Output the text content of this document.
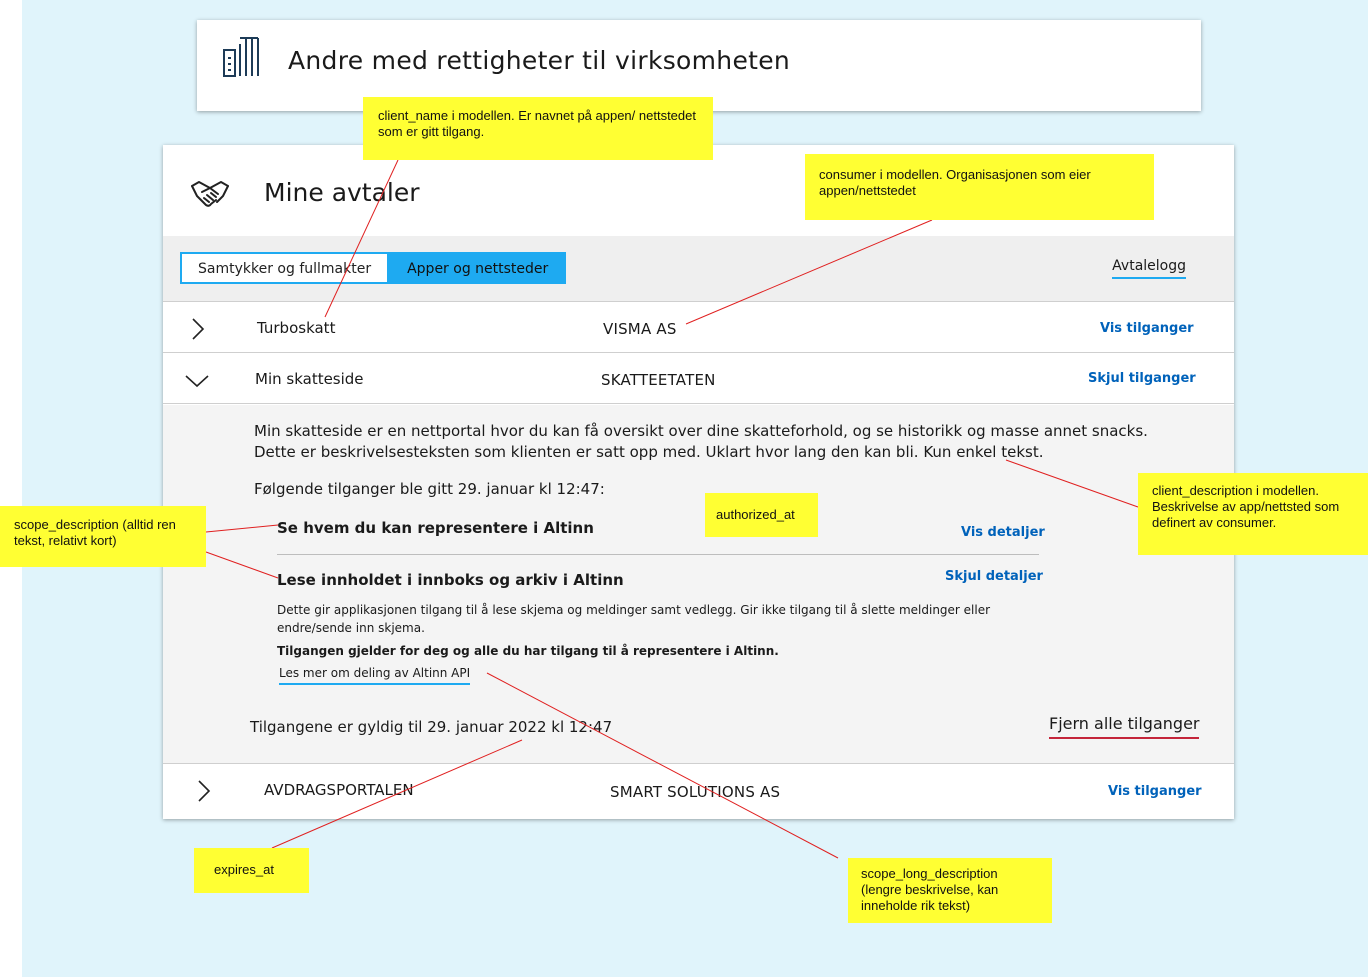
Andre med rettigheter til virksomheten
Mine avtaler
Samtykker og fullmakter	Apper og nettsteder	Avtalelogg
Turboskatt	VISMA AS	Vis tilganger
Min skatteside	SKATTEETATEN	Skjul tilganger
Min skatteside er en nettportal hvor du kan få oversikt over dine skatteforhold, og se historikk og masse annet snacks.
Dette er beskrivelsesteksten som klienten er satt opp med. Uklart hvor lang den kan bli. Kun enkel tekst.
Følgende tilganger ble gitt 29. januar kl 12:47:
Se hvem du kan representere i Altinn	Vis detaljer
Lese innholdet i innboks og arkiv i Altinn	Skjul detaljer
Dette gir applikasjonen tilgang til å lese skjema og meldinger samt vedlegg. Gir ikke tilgang til å slette meldinger eller endre/sende inn skjema.
Tilgangen gjelder for deg og alle du har tilgang til å representere i Altinn.
Les mer om deling av Altinn API
Tilgangene er gyldig til 29. januar 2022 kl 12:47	Fjern alle tilganger
AVDRAGSPORTALEN	SMART SOLUTIONS AS	Vis tilganger
client_name i modellen. Er navnet på appen/ nettstedet som er gitt tilgang.
consumer i modellen. Organisasjonen som eier appen/nettstedet
authorized_at
client_description i modellen. Beskrivelse av app/nettsted som definert av consumer.
scope_description (alltid ren tekst, relativt kort)
expires_at	scope_long_description (lengre beskrivelse, kan inneholde rik tekst)
